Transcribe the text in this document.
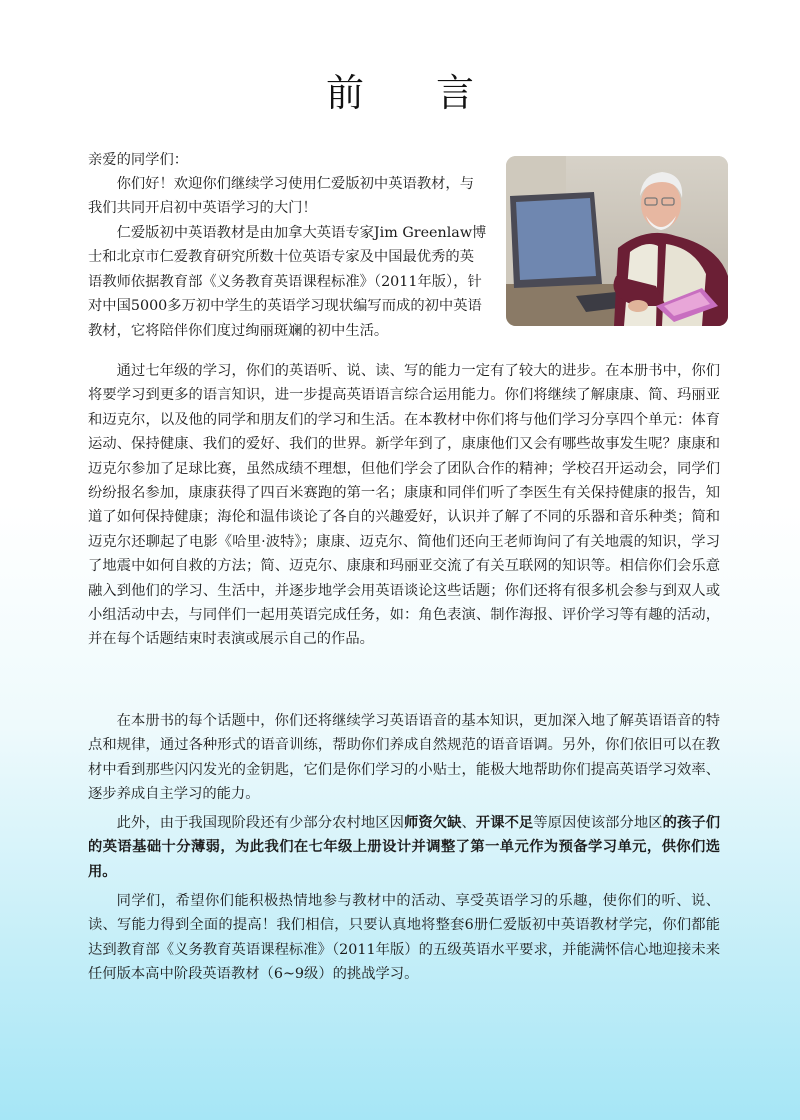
前 言

亲爱的同学们：

你们好！欢迎你们继续学习使用仁爱版初中英语教材，与我们共同开启初中英语学习的大门！

仁爱版初中英语教材是由加拿大英语专家Jim Greenlaw博士和北京市仁爱教育研究所数十位英语专家及中国最优秀的英语教师依据教育部《义务教育英语课程标准》（2011年版），针对中国5000多万初中学生的英语学习现状编写而成的初中英语教材，它将陪伴你们度过绚丽斑斓的初中生活。

通过七年级的学习，你们的英语听、说、读、写的能力一定有了较大的进步。在本册书中，你们将要学习到更多的语言知识，进一步提高英语语言综合运用能力。你们将继续了解康康、简、玛丽亚和迈克尔，以及他的同学和朋友们的学习和生活。在本教材中你们将与他们学习分享四个单元：体育运动、保持健康、我们的爱好、我们的世界。新学年到了，康康他们又会有哪些故事发生呢？康康和迈克尔参加了足球比赛，虽然成绩不理想，但他们学会了团队合作的精神；学校召开运动会，同学们纷纷报名参加，康康获得了四百米赛跑的第一名；康康和同伴们听了李医生有关保持健康的报告，知道了如何保持健康；海伦和温伟谈论了各自的兴趣爱好，认识并了解了不同的乐器和音乐种类；简和迈克尔还聊起了电影《哈里·波特》；康康、迈克尔、简他们还向王老师询问了有关地震的知识，学习了地震中如何自救的方法；简、迈克尔、康康和玛丽亚交流了有关互联网的知识等。相信你们会乐意融入到他们的学习、生活中，并逐步地学会用英语谈论这些话题；你们还将有很多机会参与到双人或小组活动中去，与同伴们一起用英语完成任务，如：角色表演、制作海报、评价学习等有趣的活动，并在每个话题结束时表演或展示自己的作品。

在本册书的每个话题中，你们还将继续学习英语语音的基本知识，更加深入地了解英语语音的特点和规律，通过各种形式的语音训练，帮助你们养成自然规范的语音语调。另外，你们依旧可以在教材中看到那些闪闪发光的金钥匙，它们是你们学习的小贴士，能极大地帮助你们提高英语学习效率、逐步养成自主学习的能力。

此外，由于我国现阶段还有少部分农村地区因师资欠缺、开课不足等原因使该部分地区的孩子们的英语基础十分薄弱，为此我们在七年级上册设计并调整了第一单元作为预备学习单元，供你们选用。

同学们，希望你们能积极热情地参与教材中的活动、享受英语学习的乐趣，使你们的听、说、读、写能力得到全面的提高！我们相信，只要认真地将整套6册仁爱版初中英语教材学完，你们都能达到教育部《义务教育英语课程标准》（2011年版）的五级英语水平要求，并能满怀信心地迎接未来任何版本高中阶段英语教材（6~9级）的挑战学习。
